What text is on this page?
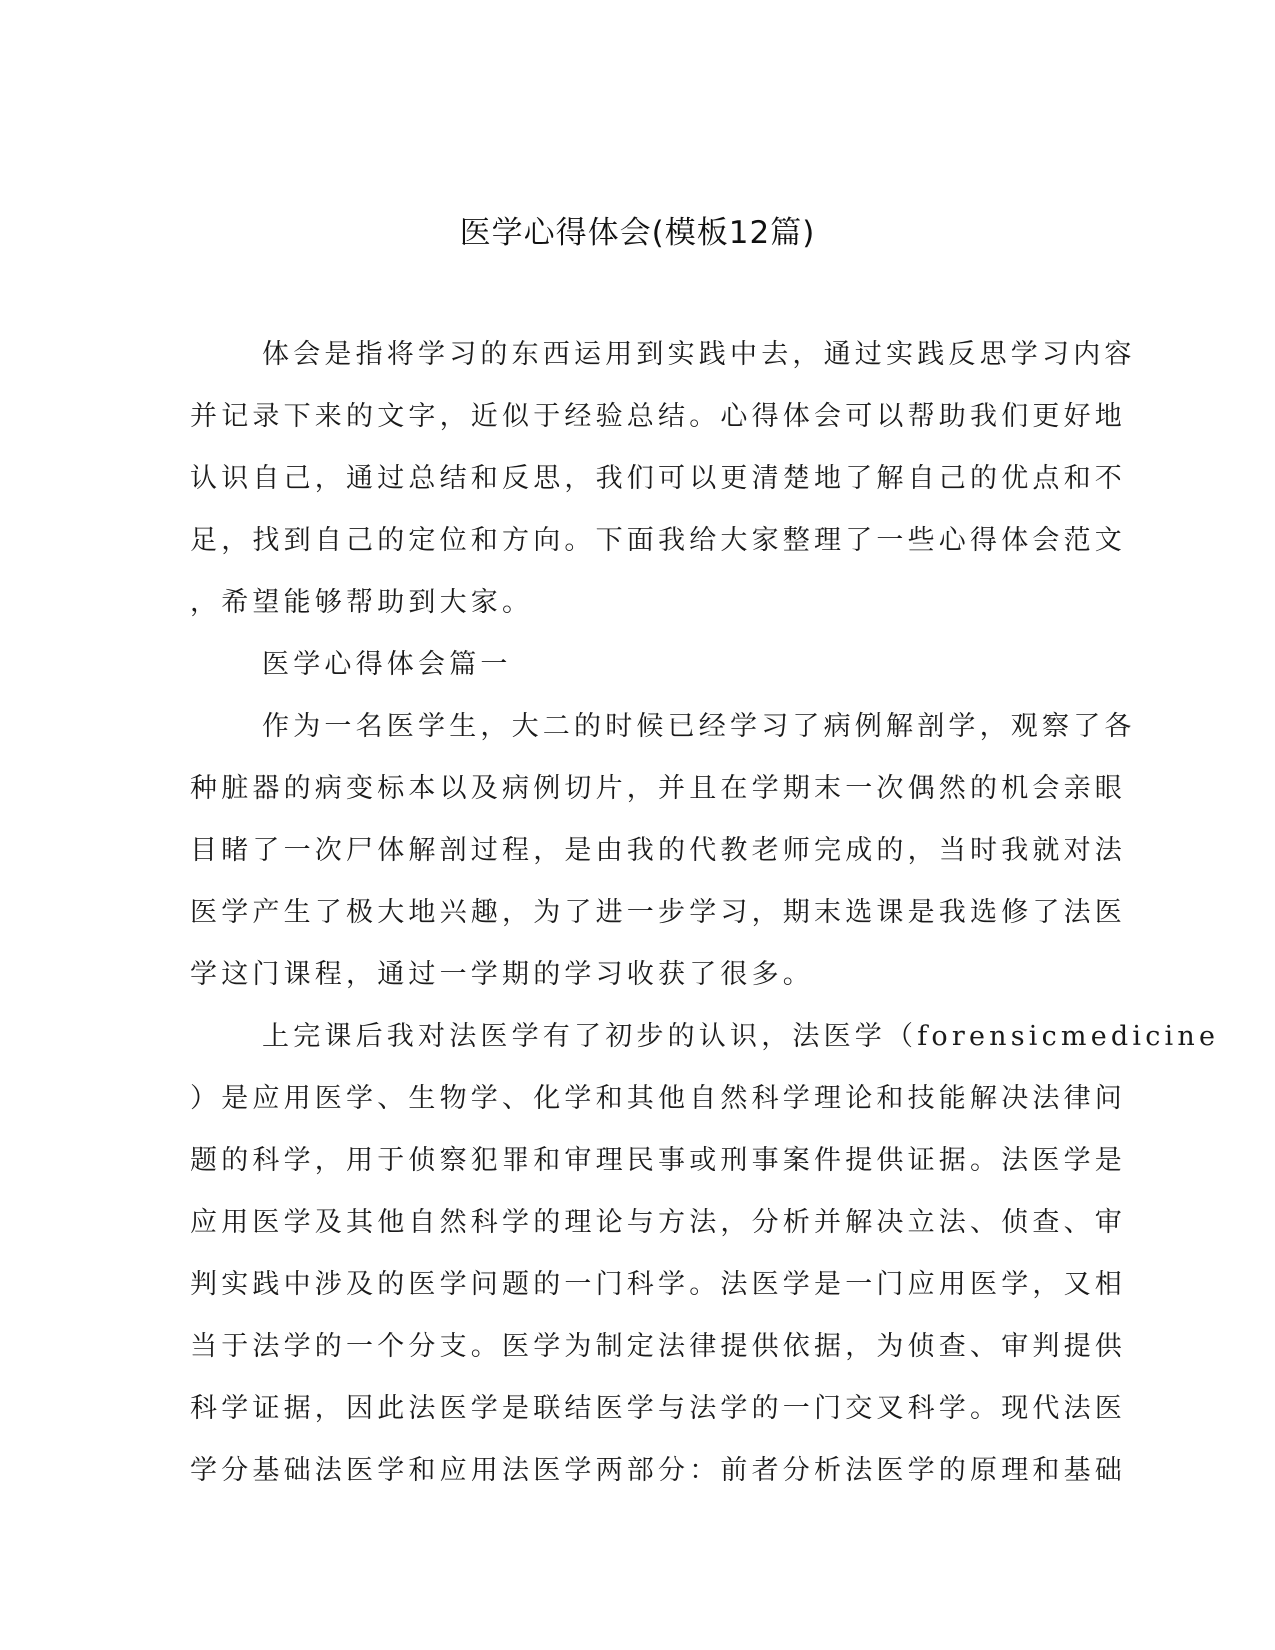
医学心得体会(模板12篇)
体会是指将学习的东西运用到实践中去，通过实践反思学习内容
并记录下来的文字，近似于经验总结。心得体会可以帮助我们更好地
认识自己，通过总结和反思，我们可以更清楚地了解自己的优点和不
足，找到自己的定位和方向。下面我给大家整理了一些心得体会范文
，希望能够帮助到大家。
医学心得体会篇一
作为一名医学生，大二的时候已经学习了病例解剖学，观察了各
种脏器的病变标本以及病例切片，并且在学期末一次偶然的机会亲眼
目睹了一次尸体解剖过程，是由我的代教老师完成的，当时我就对法
医学产生了极大地兴趣，为了进一步学习，期末选课是我选修了法医
学这门课程，通过一学期的学习收获了很多。
上完课后我对法医学有了初步的认识，法医学（forensicmedicine
）是应用医学、生物学、化学和其他自然科学理论和技能解决法律问
题的科学，用于侦察犯罪和审理民事或刑事案件提供证据。法医学是
应用医学及其他自然科学的理论与方法，分析并解决立法、侦查、审
判实践中涉及的医学问题的一门科学。法医学是一门应用医学，又相
当于法学的一个分支。医学为制定法律提供依据，为侦查、审判提供
科学证据，因此法医学是联结医学与法学的一门交叉科学。现代法医
学分基础法医学和应用法医学两部分：前者分析法医学的原理和基础
